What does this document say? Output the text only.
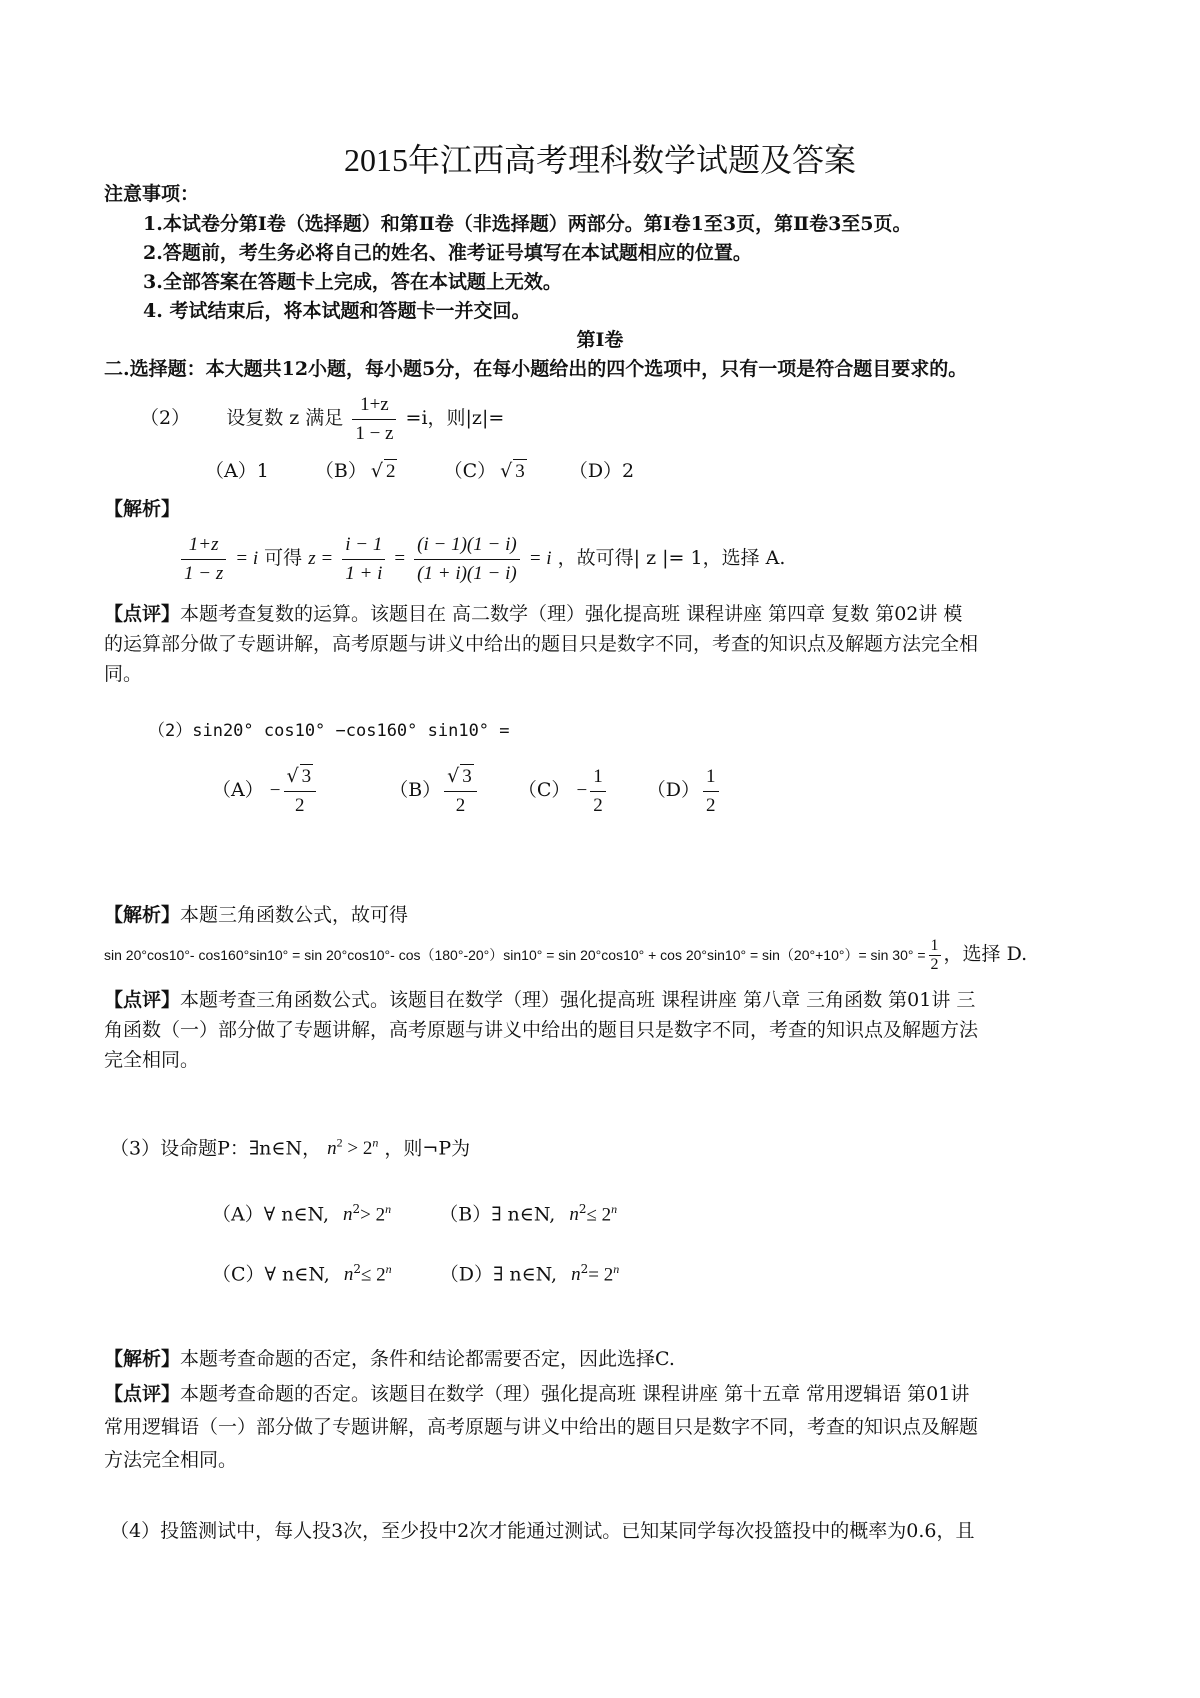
2015年江西高考理科数学试题及答案
注意事项：
1.本试卷分第Ⅰ卷（选择题）和第Ⅱ卷（非选择题）两部分。第Ⅰ卷1至3页，第Ⅱ卷3至5页。
2.答题前，考生务必将自己的姓名、准考证号填写在本试题相应的位置。
3.全部答案在答题卡上完成，答在本试题上无效。
4. 考试结束后，将本试题和答题卡一并交回。
第Ⅰ卷
二.选择题：本大题共12小题，每小题5分，在每小题给出的四个选项中，只有一项是符合题目要求的。
（2） 设复数 z 满足 $\frac{1+z}{1 - z} =i$，则|z|=
（A）1 （B） √ 2	（C） √ 3 （D）2
【解析】
$\frac{1+z}{1 - z} = i$ 可得 $z = \frac{i - 1}{1 + i} = \frac{(i - 1)(1 - i)}{(1 + i)(1 - i)} = i$ ，故可得| z |= 1，选择 A.
【点评】本题考查复数的运算。该题目在 高二数学（理）强化提高班 课程讲座 第四章 复数 第02讲 模
的运算部分做了专题讲解，高考原题与讲义中给出的题目只是数字不同，考查的知识点及解题方法完全相
同。
（2）sin20° cos10° −cos160° sin10° =
$(A) - \frac{√ 3}{2}$	$(B) \frac{√ 3}{2} (C) - \frac{1}{2} (D) \frac{1}{2}$
【解析】本题三角函数公式，故可得
sin 20°cos10°- cos160°sin10° = sin 20°cos10°- $\cos(180^\circ-20^\circ)\sin 10^\circ = \sin 20^\circ\cos 10^\circ + \cos 20^\circ\sin 10^\circ = \sin(20^\circ+10^\circ)= \sin 30^\circ = \frac{1}{2}$ ，选择 D.
【点评】本题考查三角函数公式。该题目在数学（理）强化提高班 课程讲座 第八章 三角函数 第01讲 三
角函数（一）部分做了专题讲解，高考原题与讲义中给出的题目只是数字不同，考查的知识点及解题方法
完全相同。
（3）设命题P：∃n∈N， $n^2 > 2^n$ ，则¬P为
（A）∀ n∈N, $n^2> 2^n$	（B）∃ n∈N, $n^2\le 2^n$
（C）∀ n∈N, $n^2\le 2^n$	（D）∃ n∈N, $n^2= 2^n$
【解析】本题考查命题的否定，条件和结论都需要否定，因此选择C.
【点评】本题考查命题的否定。该题目在数学（理）强化提高班 课程讲座 第十五章 常用逻辑语 第01讲
常用逻辑语（一）部分做了专题讲解，高考原题与讲义中给出的题目只是数字不同，考查的知识点及解题
方法完全相同。
（4）投篮测试中，每人投3次，至少投中2次才能通过测试。已知某同学每次投篮投中的概率为0.6，且
